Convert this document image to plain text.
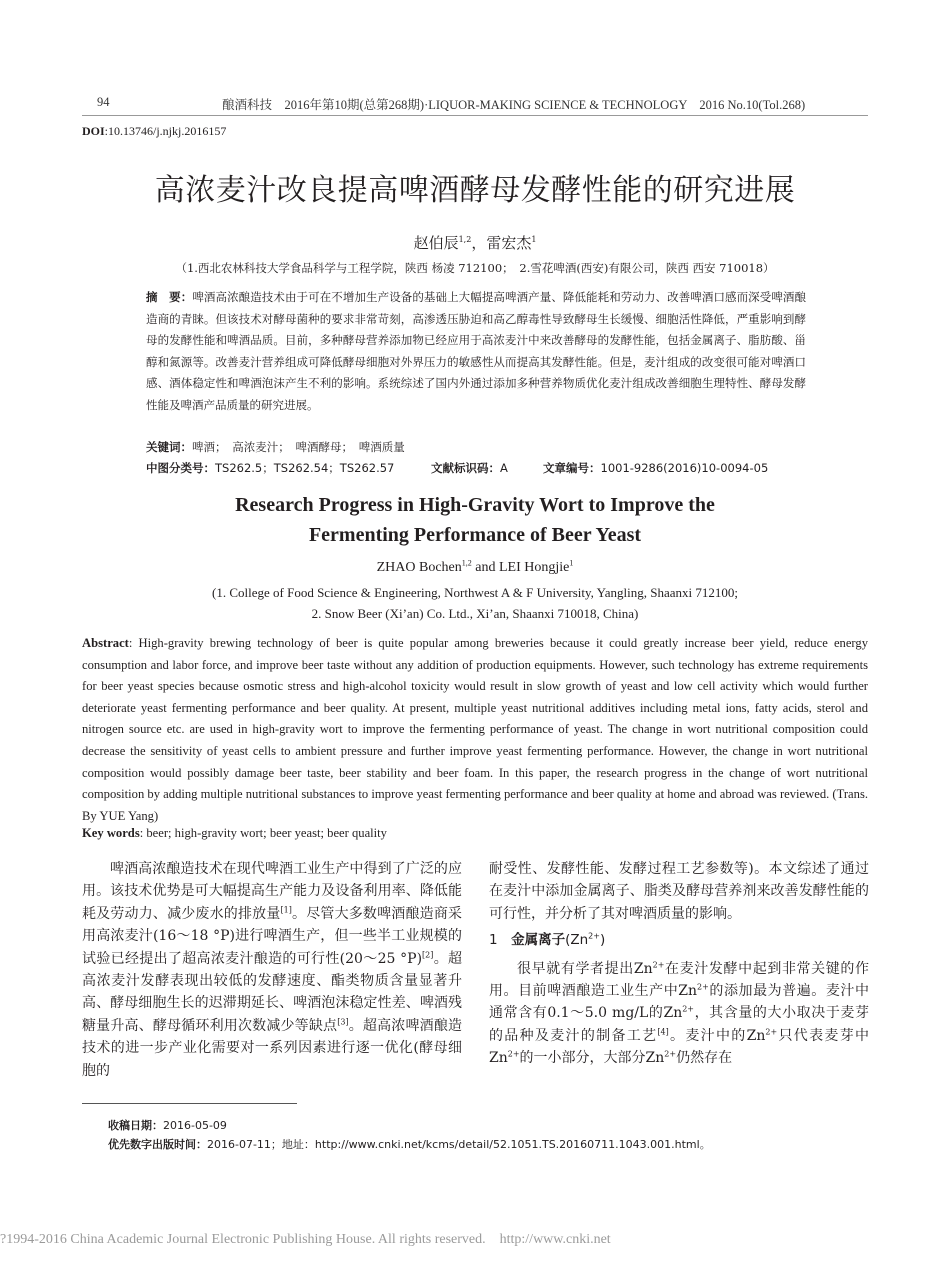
94	酿酒科技　2016年第10期(总第268期)·LIQUOR-MAKING SCIENCE & TECHNOLOGY　2016 No.10(Tol.268)
DOI:10.13746/j.njkj.2016157
高浓麦汁改良提高啤酒酵母发酵性能的研究进展
赵伯辰$^{1,2}$，雷宏杰$^1$
（1.西北农林科技大学食品科学与工程学院，陕西 杨凌 712100；　2.雪花啤酒(西安)有限公司，陕西 西安 710018）
摘　要：啤酒高浓酿造技术由于可在不增加生产设备的基础上大幅提高啤酒产量、降低能耗和劳动力、改善啤酒口感而深受啤酒酿造商的青睐。但该技术对酵母菌种的要求非常苛刻，高渗透压胁迫和高乙醇毒性导致酵母生长缓慢、细胞活性降低，严重影响到酵母的发酵性能和啤酒品质。目前，多种酵母营养添加物已经应用于高浓麦汁中来改善酵母的发酵性能，包括金属离子、脂肪酸、甾醇和氮源等。改善麦汁营养组成可降低酵母细胞对外界压力的敏感性从而提高其发酵性能。但是，麦汁组成的改变很可能对啤酒口感、酒体稳定性和啤酒泡沫产生不利的影响。系统综述了国内外通过添加多种营养物质优化麦汁组成改善细胞生理特性、酵母发酵性能及啤酒产品质量的研究进展。
关键词：啤酒；　高浓麦汁；　啤酒酵母；　啤酒质量
中图分类号：TS262.5；TS262.54；TS262.57	文献标识码：A	文章编号：1001-9286(2016)10-0094-05
Research Progress in High-Gravity Wort to Improve the
Fermenting Performance of Beer Yeast
ZHAO Bochen$^{1,2}$ and LEI Hongjie$^1$
(1. College of Food Science & Engineering, Northwest A & F University, Yangling, Shaanxi 712100;
2. Snow Beer (Xi’an) Co. Ltd., Xi’an, Shaanxi 710018, China)
Abstract: High-gravity brewing technology of beer is quite popular among breweries because it could greatly increase beer yield, reduce energy consumption and labor force, and improve beer taste without any addition of production equipments. However, such technology has extreme requirements for beer yeast species because osmotic stress and high-alcohol toxicity would result in slow growth of yeast and low cell activity which would further deteriorate yeast fermenting performance and beer quality. At present, multiple yeast nutritional additives including metal ions, fatty acids, sterol and nitrogen source etc. are used in high-gravity wort to improve the fermenting performance of yeast. The change in wort nutritional composition could decrease the sensitivity of yeast cells to ambient pressure and further improve yeast fermenting performance. However, the change in wort nutritional composition would possibly damage beer taste, beer stability and beer foam. In this paper, the research progress in the change of wort nutritional composition by adding multiple nutritional substances to improve yeast fermenting performance and beer quality at home and abroad was reviewed. (Trans. By YUE Yang)
Key words: beer; high-gravity wort; beer yeast; beer quality

啤酒高浓酿造技术在现代啤酒工业生产中得到了广泛的应用。该技术优势是可大幅提高生产能力及设备利用率、降低能耗及劳动力、减少废水的排放量[1]。尽管大多数啤酒酿造商采用高浓麦汁(16～18 °P)进行啤酒生产，但一些半工业规模的试验已经提出了超高浓麦汁酿造的可行性(20～25 °P)[2]。超高浓麦汁发酵表现出较低的发酵速度、酯类物质含量显著升高、酵母细胞生长的迟滞期延长、啤酒泡沫稳定性差、啤酒残糖量升高、酵母循环利用次数减少等缺点[3]。超高浓啤酒酿造技术的进一步产业化需要对一系列因素进行逐一优化(酵母细胞的

耐受性、发酵性能、发酵过程工艺参数等)。本文综述了通过在麦汁中添加金属离子、脂类及酵母营养剂来改善发酵性能的可行性，并分析了其对啤酒质量的影响。

1　金属离子$(Zn^{2+})$

很早就有学者提出$Zn^{2+}$在麦汁发酵中起到非常关键的作用。目前啤酒酿造工业生产中$Zn^{2+}$的添加最为普遍。麦汁中通常含有0.1～5.0 mg/L的$Zn^{2+}$，其含量的大小取决于麦芽的品种及麦汁的制备工艺[4]。麦汁中的$Zn^{2+}$只代表麦芽中$Zn^{2+}$的一小部分，大部分$Zn^{2+}$仍然存在

收稿日期：2016-05-09
优先数字出版时间：2016-07-11；地址：http://www.cnki.net/kcms/detail/52.1051.TS.20160711.1043.001.html。
?1994-2016 China Academic Journal Electronic Publishing House. All rights reserved.　http://www.cnki.net
